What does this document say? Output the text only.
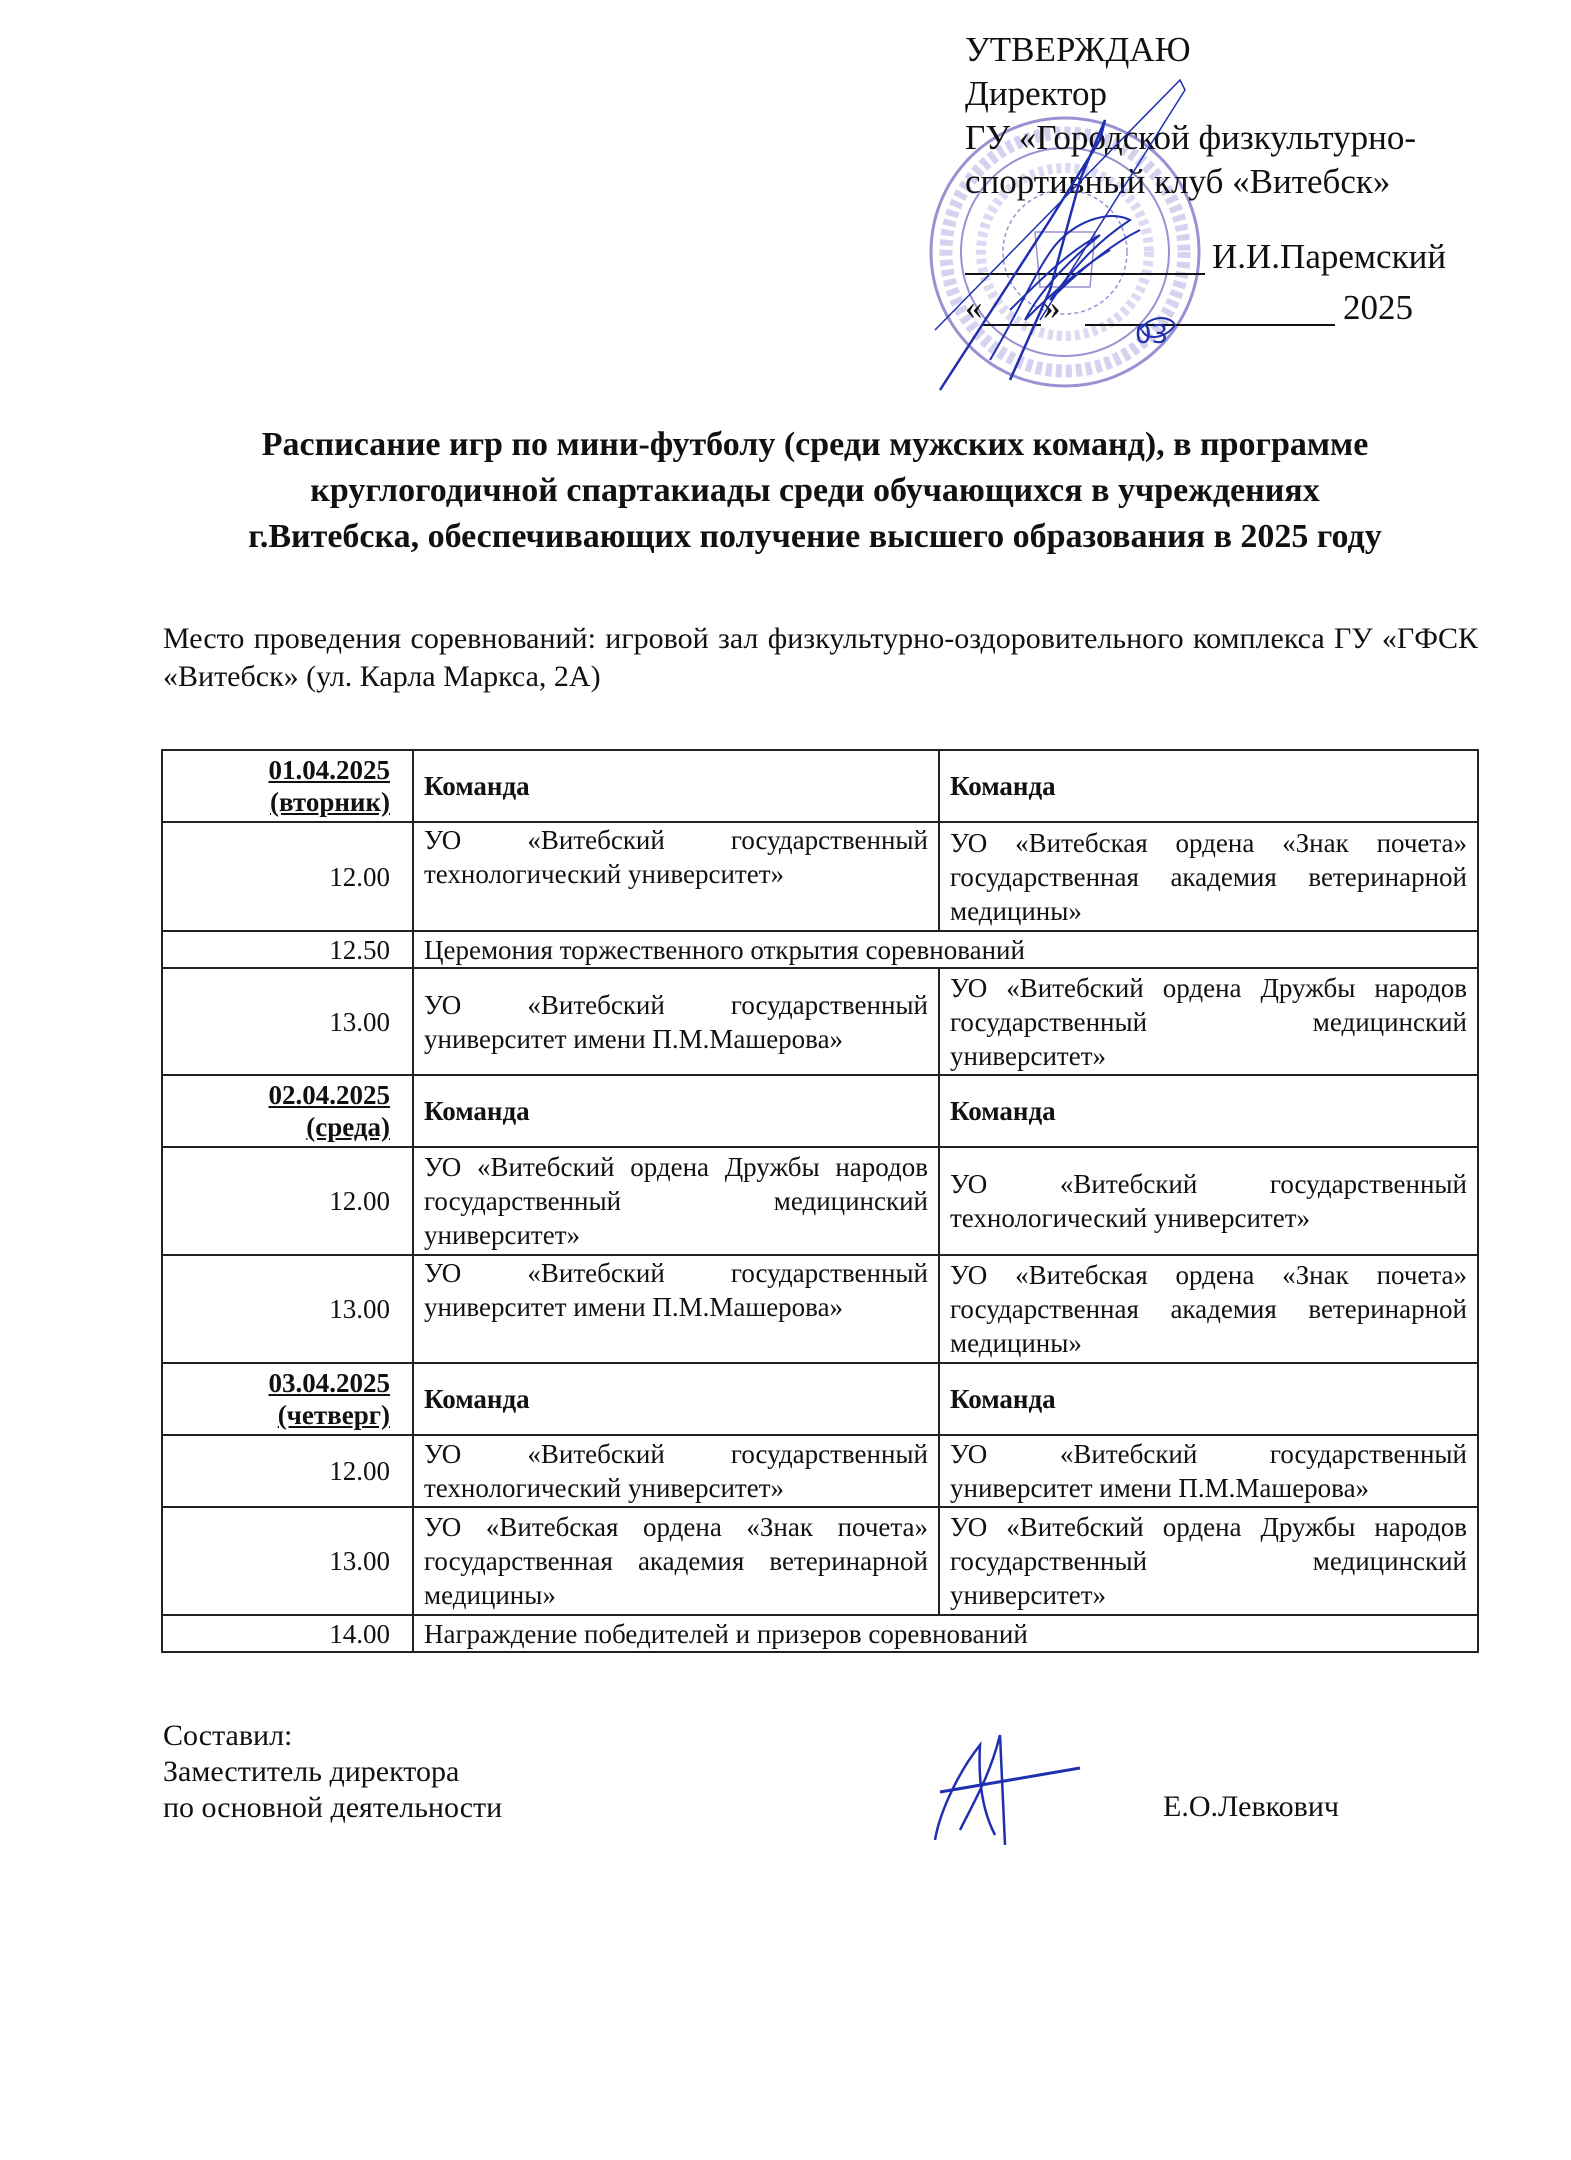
УТВЕРЖДАЮ
Директор
ГУ «Городской физкультурно-
спортивный клуб «Витебск»
И.И.Паремский
« »	2025
03
Расписание игр по мини-футболу (среди мужских команд), в программе
круглогодичной спартакиады среди обучающихся в учреждениях
г.Витебска, обеспечивающих получение высшего образования в 2025 году
Место проведения соревнований: игровой зал физкультурно-оздоровительного комплекса ГУ «ГФСК «Витебск» (ул. Карла Маркса, 2А)
01.04.2025
(вторник)	Команда	Команда
12.00	УО «Витебский государственный технологический университет»	УО «Витебская ордена «Знак почета» государственная академия ветеринарной медицины»
12.50	Церемония торжественного открытия соревнований	
13.00	УО «Витебский государственный университет имени П.М.Машерова»	УО «Витебский ордена Дружбы народов государственный медицинский университет»

02.04.2025
(среда)	Команда	Команда
12.00	УО «Витебский ордена Дружбы народов государственный медицинский университет»	УО «Витебский государственный технологический университет»
13.00	УО «Витебский государственный университет имени П.М.Машерова»	УО «Витебская ордена «Знак почета» государственная академия ветеринарной медицины»

03.04.2025
(четверг)	Команда	Команда
12.00	УО «Витебский государственный технологический университет»	УО «Витебский государственный университет имени П.М.Машерова»
13.00	УО «Витебская ордена «Знак почета» государственная академия ветеринарной медицины»	УО «Витебский ордена Дружбы народов государственный медицинский университет»
14.00	Награждение победителей и призеров соревнований	
Составил:
Заместитель директора
по основной деятельности	Е.О.Левкович
